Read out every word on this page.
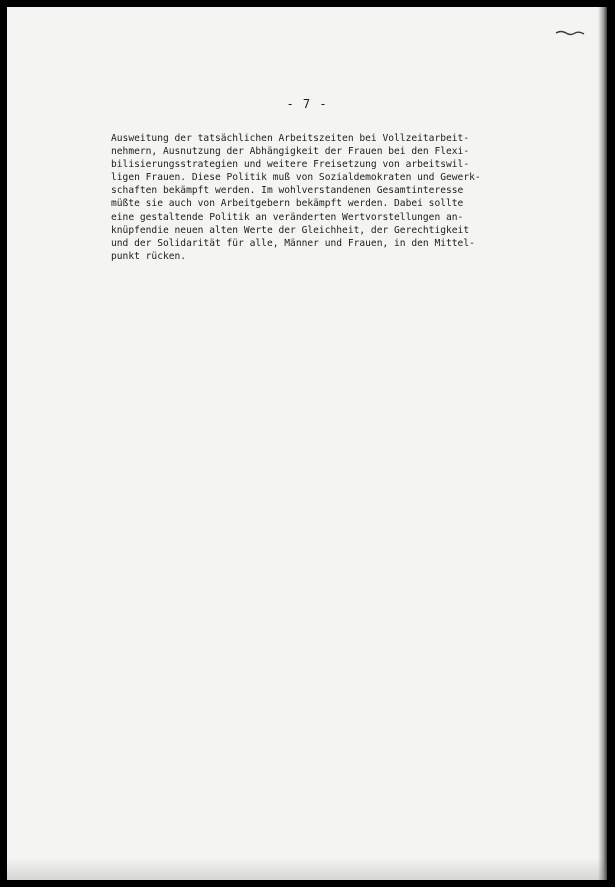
- 7 -

Ausweitung der tatsächlichen Arbeitszeiten bei Vollzeitarbeit-
nehmern, Ausnutzung der Abhängigkeit der Frauen bei den Flexi-
bilisierungsstrategien und weitere Freisetzung von arbeitswil-
ligen Frauen. Diese Politik muß von Sozialdemokraten und Gewerk-
schaften bekämpft werden. Im wohlverstandenen Gesamtinteresse
müßte sie auch von Arbeitgebern bekämpft werden. Dabei sollte
eine gestaltende Politik an veränderten Wertvorstellungen an-
knüpfendie neuen alten Werte der Gleichheit, der Gerechtigkeit
und der Solidarität für alle, Männer und Frauen, in den Mittel-
punkt rücken.
